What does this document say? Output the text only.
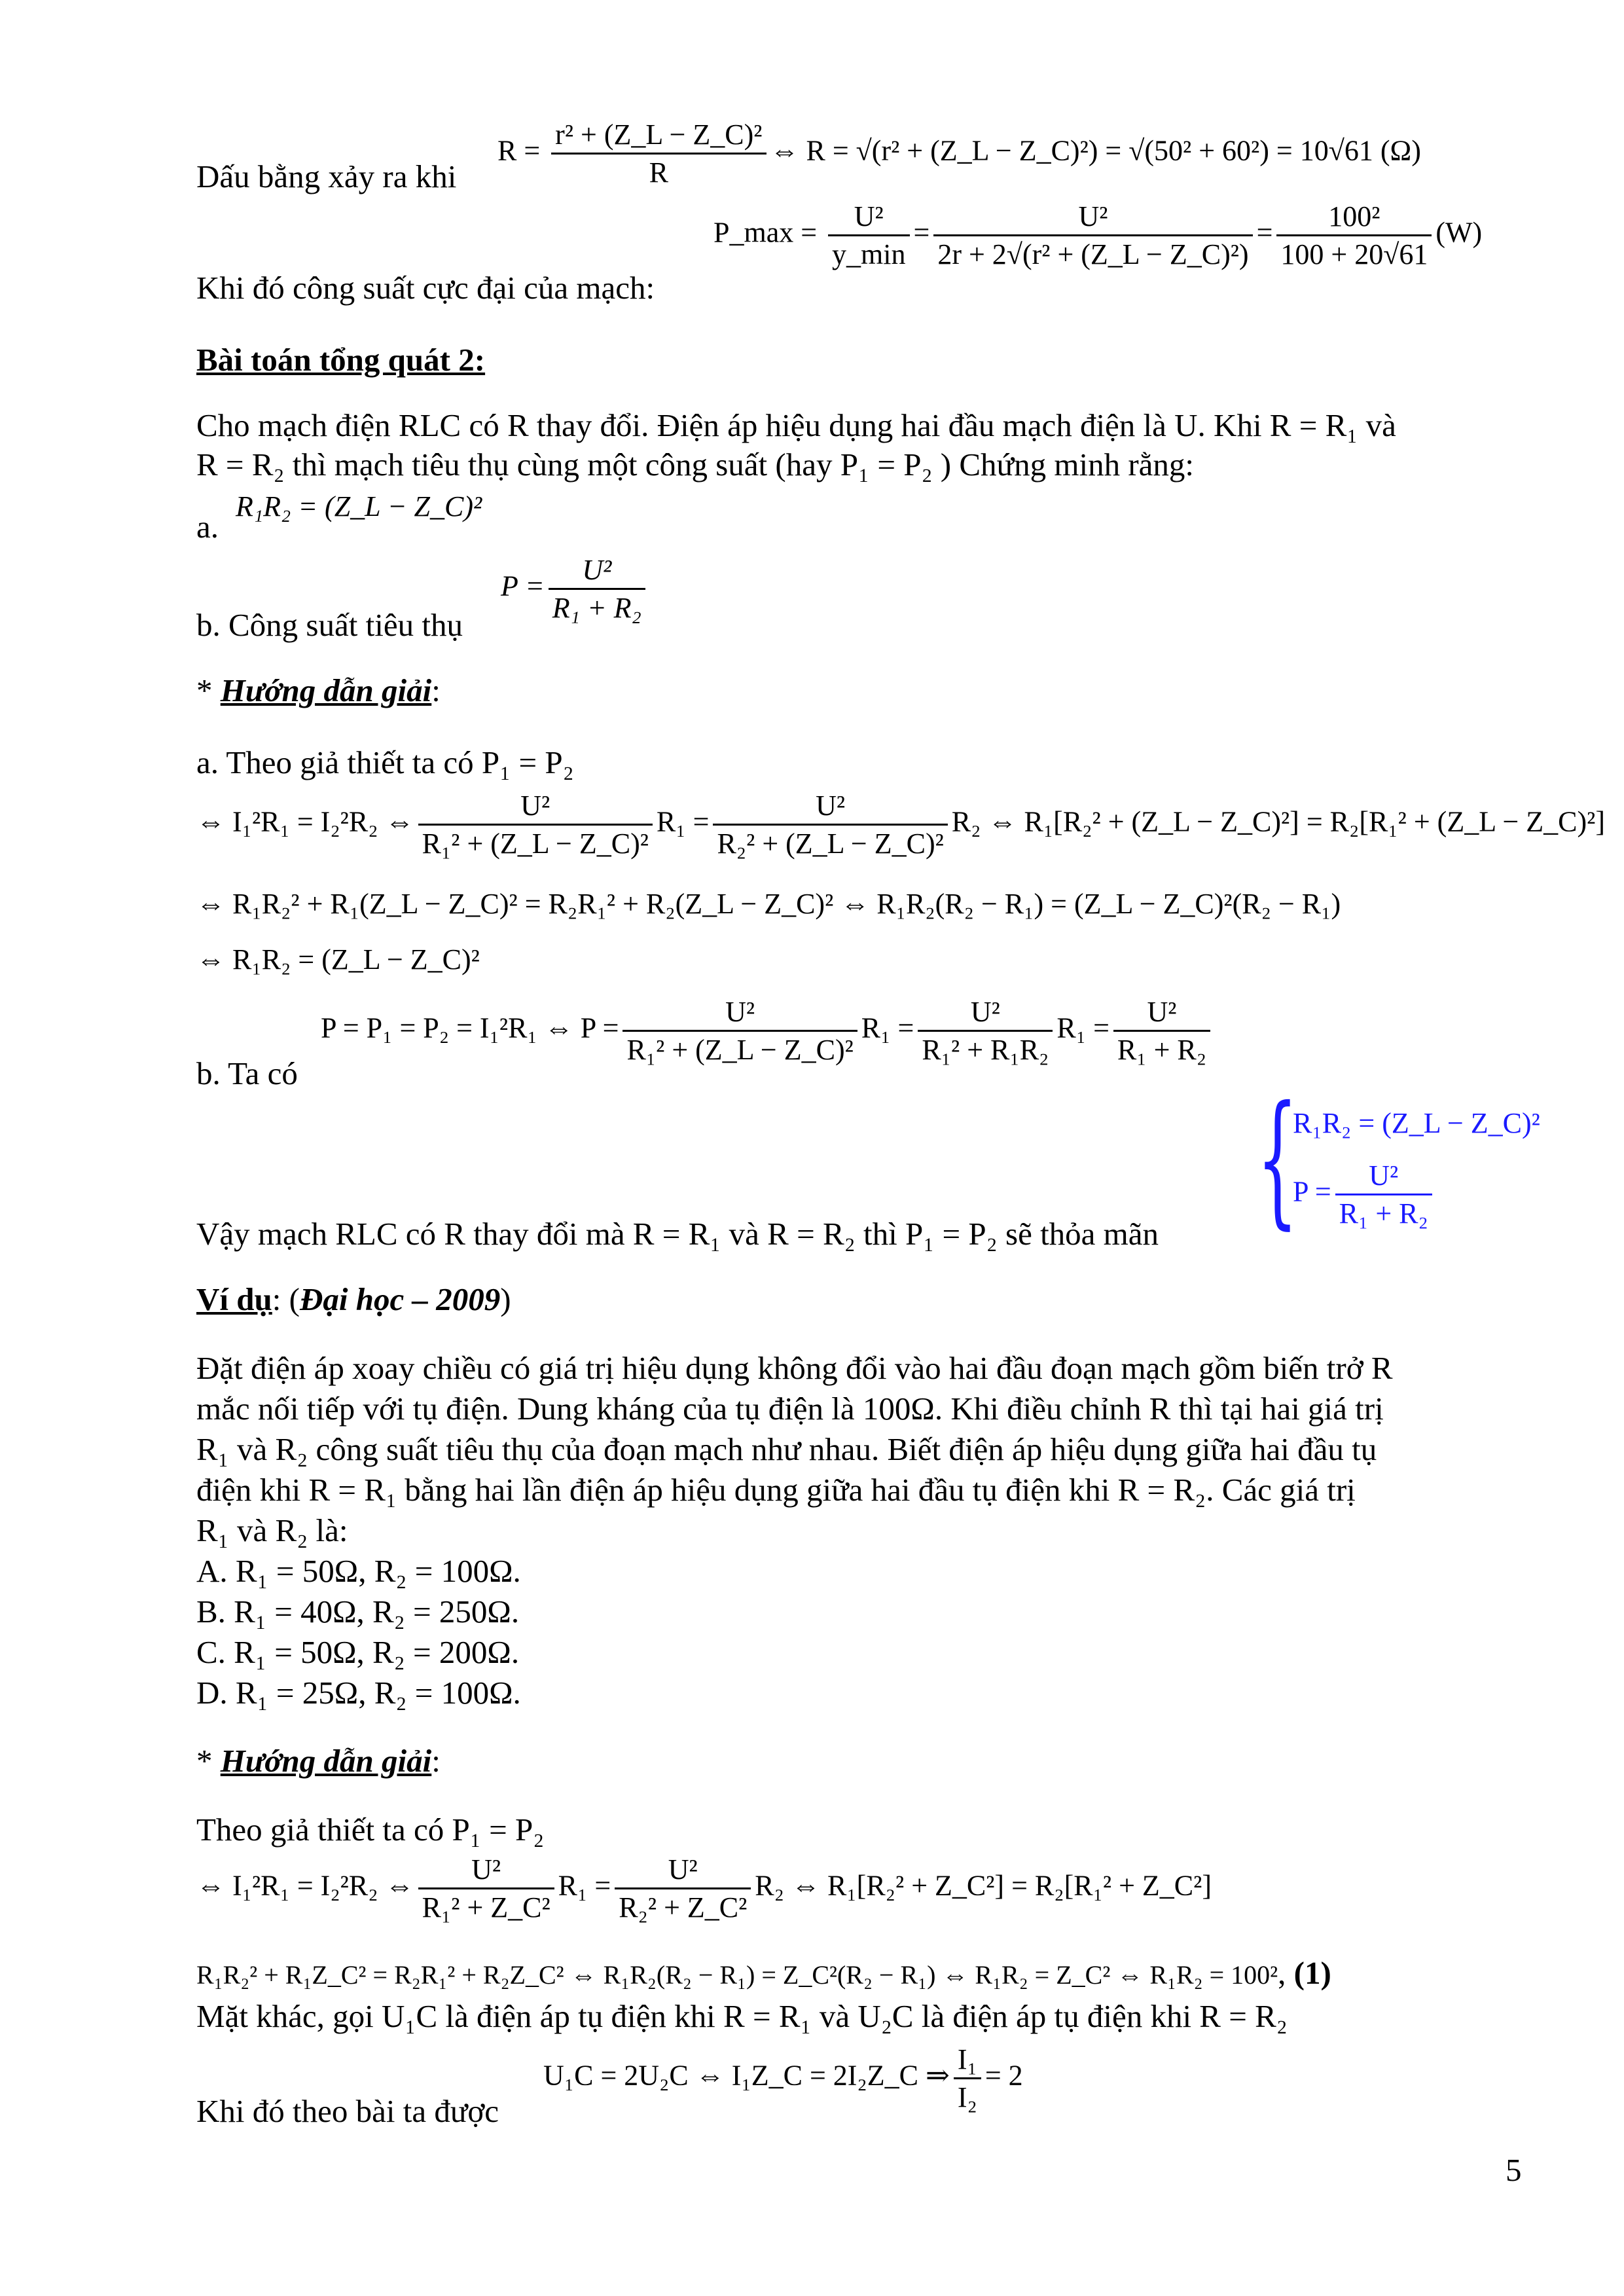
$R = \frac{\text{r² + (Z\_L − Z\_C)²}}{R}$ ⇔ R = √(r² + (Z_L − Z_C)²) = √(50² + 60²) = 10√61 (Ω)
Dấu bằng xảy ra khi
P_max = $\frac{\text{U²}}{y\_\min} = \frac{\text{U²}}{\text{2r + 2√(r² + (Z\_L − Z\_C)²)}} = \frac{\text{100²}}{100 + 20√61} (W)$
Khi đó công suất cực đại của mạch:
Bài toán tổng quát 2:
Cho mạch điện RLC có R thay đổi. Điện áp hiệu dụng hai đầu mạch điện là U. Khi R = R₁ và
R = R₂ thì mạch tiêu thụ cùng một công suất (hay P₁ = P₂ ) Chứng minh rằng:
a.
R₁R₂ = (Z_L − Z_C)²
b. Công suất tiêu thụ
$P = \frac{\text{U²}}{\text{R₁ + R₂}}$
* Hướng dẫn giải:
a. Theo giả thiết ta có P₁ = P₂
⇔ I₁²R₁ = I₂²R₂ ⇔ $\frac{\text{U²}}{\text{R₁² + (Z\_L − Z\_C)²}} R_1 = \frac{\text{U²}}{\text{R₂² + (Z\_L − Z\_C)²}} R_2$ ⇔ R₁[R₂² + (Z_L − Z_C)²] = R₂[R₁² + (Z_L − Z_C)²]
⇔ R₁R₂² + R₁(Z_L − Z_C)² = R₂R₁² + R₂(Z_L − Z_C)² ⇔ R₁R₂(R₂ − R₁) = (Z_L − Z_C)²(R₂ − R₁)
⇔ R₁R₂ = (Z_L − Z_C)²
P = P₁ = P₂ = I₁²R₁ ⇔ $P = \frac{\text{U²}}{\text{R₁² + (Z\_L − Z\_C)²}} R_1 = \frac{\text{U²}}{\text{R₁² + R₁R₂}} R_1 = \frac{\text{U²}}{\text{R₁ + R₂}}$
b. Ta có
{
R₁R₂ = (Z_L − Z_C)²
$P = \frac{\text{U²}}{\text{R₁ + R₂}}$
Vậy mạch RLC có R thay đổi mà R = R₁ và R = R₂ thì P₁ = P₂ sẽ thỏa mãn
Ví dụ: (Đại học – 2009)
Đặt điện áp xoay chiều có giá trị hiệu dụng không đổi vào hai đầu đoạn mạch gồm biến trở R
mắc nối tiếp với tụ điện. Dung kháng của tụ điện là 100Ω. Khi điều chỉnh R thì tại hai giá trị
R₁ và R₂ công suất tiêu thụ của đoạn mạch như nhau. Biết điện áp hiệu dụng giữa hai đầu tụ
điện khi R = R₁ bằng hai lần điện áp hiệu dụng giữa hai đầu tụ điện khi R = R₂. Các giá trị
R₁ và R₂ là:
A. R₁ = 50Ω, R₂ = 100Ω.
B. R₁ = 40Ω, R₂ = 250Ω.
C. R₁ = 50Ω, R₂ = 200Ω.
D. R₁ = 25Ω, R₂ = 100Ω.
* Hướng dẫn giải:
Theo giả thiết ta có P₁ = P₂
⇔ I₁²R₁ = I₂²R₂ ⇔ $\frac{\text{U²}}{\text{R₁² + Z\_C²}} R_1 = \frac{\text{U²}}{\text{R₂² + Z\_C²}} R_2$ ⇔ R₁[R₂² + Z_C²] = R₂[R₁² + Z_C²]
R₁R₂² + R₁Z_C² = R₂R₁² + R₂Z_C² ⇔ R₁R₂(R₂ − R₁) = Z_C²(R₂ − R₁) ⇔ R₁R₂ = Z_C² ⇔ R₁R₂ = 100², (1)
Mặt khác, gọi U₁C là điện áp tụ điện khi R = R₁ và U₂C là điện áp tụ điện khi R = R₂
U₁C = 2U₂C ⇔ I₁Z_C = 2I₂Z_C ⇒ $\frac{\text{I₁}}{\text{I₂}} = 2$
Khi đó theo bài ta được
5
